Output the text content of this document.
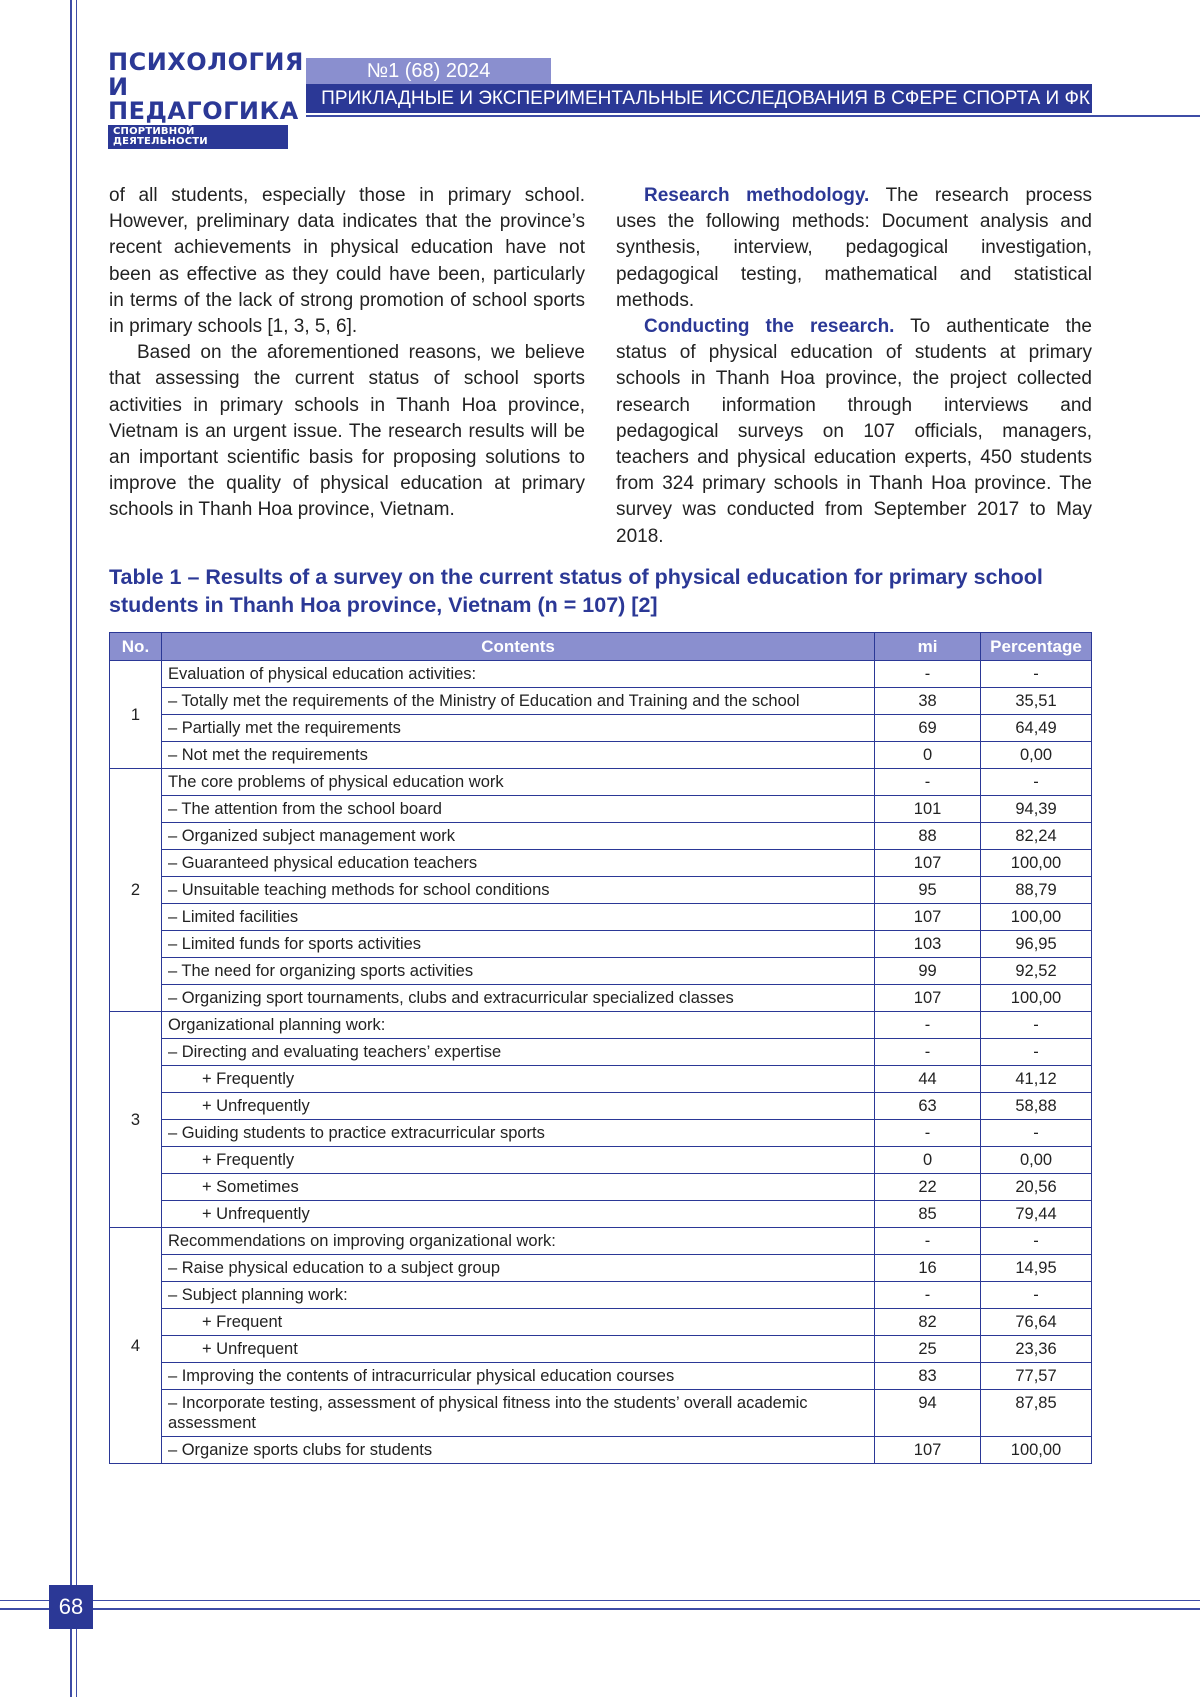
ПСИХОЛОГИЯ
И ПЕДАГОГИКА
СПОРТИВНОЙ ДЕЯТЕЛЬНОСТИ
№1 (68) 2024
ПРИКЛАДНЫЕ И ЭКСПЕРИМЕНТАЛЬНЫЕ ИССЛЕДОВАНИЯ В СФЕРЕ СПОРТА И ФК

of all students, especially those in primary school. However, preliminary data indicates that the province’s recent achievements in physical education have not been as effective as they could have been, particularly in terms of the lack of strong promotion of school sports in primary schools [1, 3, 5, 6].

Based on the aforementioned reasons, we believe that assessing the current status of school sports activities in primary schools in Thanh Hoa province, Vietnam is an urgent issue. The research results will be an important scientific basis for proposing solutions to improve the quality of physical education at primary schools in Thanh Hoa province, Vietnam.

Research methodology. The research process uses the following methods: Document analysis and synthesis, interview, pedagogical investigation, pedagogical testing, mathematical and statistical methods.

Conducting the research. To authenticate the status of physical education of students at primary schools in Thanh Hoa province, the project collected research information through interviews and pedagogical surveys on 107 officials, managers, teachers and physical education experts, 450 students from 324 primary schools in Thanh Hoa province. The survey was conducted from September 2017 to May 2018.

Table 1 – Results of a survey on the current status of physical education for primary school students in Thanh Hoa province, Vietnam (n = 107) [2]
No.	Contents	mi	Percentage
1	Evaluation of physical education activities:	-	-
	– Totally met the requirements of the Ministry of Education and Training and the school	38	35,51
	– Partially met the requirements	69	64,49
	– Not met the requirements	0	0,00
2	The core problems of physical education work	-	-
	– The attention from the school board	101	94,39
	– Organized subject management work	88	82,24
	– Guaranteed physical education teachers	107	100,00
	– Unsuitable teaching methods for school conditions	95	88,79
	– Limited facilities	107	100,00
	– Limited funds for sports activities	103	96,95
	– The need for organizing sports activities	99	92,52
	– Organizing sport tournaments, clubs and extracurricular specialized classes	107	100,00
3	Organizational planning work:	-	-
	– Directing and evaluating teachers’ expertise	-	-
	+ Frequently	44	41,12
	+ Unfrequently	63	58,88
	– Guiding students to practice extracurricular sports	-	-
	+ Frequently	0	0,00
	+ Sometimes	22	20,56
	+ Unfrequently	85	79,44
4	Recommendations on improving organizational work:	-	-
	– Raise physical education to a subject group	16	14,95
	– Subject planning work:	-	-
	+ Frequent	82	76,64
	+ Unfrequent	25	23,36
	– Improving the contents of intracurricular physical education courses	83	77,57
	– Incorporate testing, assessment of physical fitness into the students’ overall academic assessment	94	87,85
	– Organize sports clubs for students	107	100,00
68
